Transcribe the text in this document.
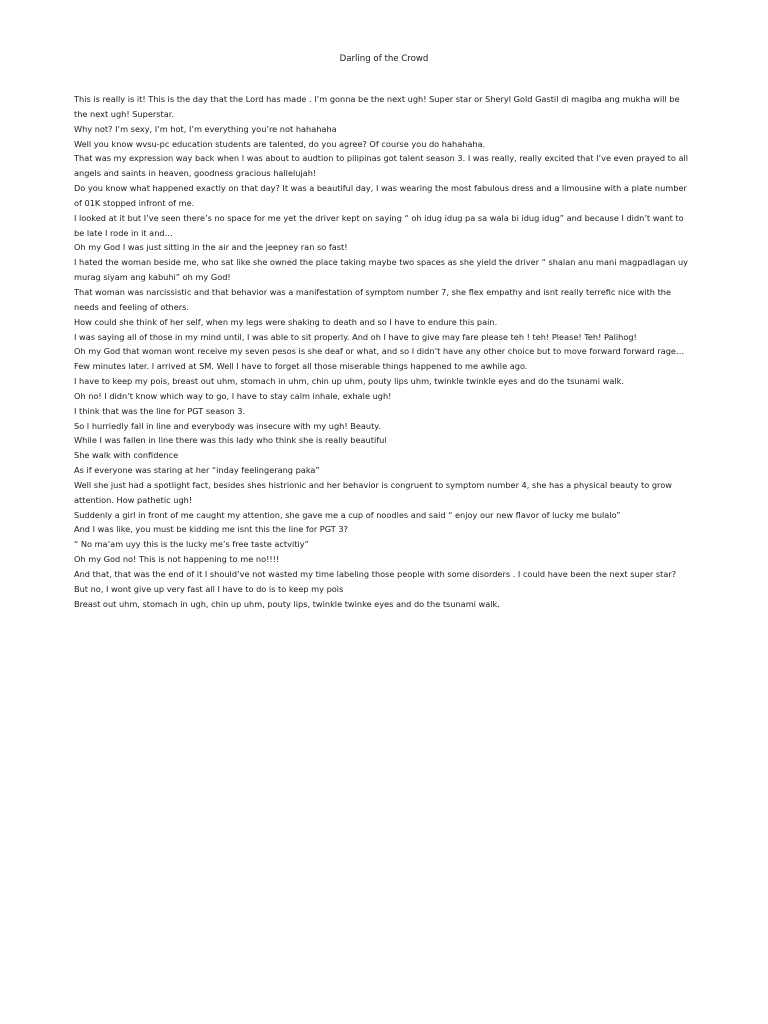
Darling of the Crowd

This is really is it! This is the day that the Lord has made . I’m gonna be the next ugh! Super star or Sheryl Gold Gastil di magiba ang mukha will be the next ugh! Superstar.

Why not? I’m sexy, I’m hot, I’m everything you’re not hahahaha

Well you know wvsu-pc education students are talented, do you agree? Of course you do hahahaha.

That was my expression way back when I was about to audtion to pilipinas got talent season 3. I was really, really excited that I’ve even prayed to all angels and saints in heaven, goodness gracious hallelujah!

Do you know what happened exactly on that day? It was a beautiful day, I was wearing the most fabulous dress and a limousine with a plate number of 01K stopped infront of me.

I looked at it but I’ve seen there’s no space for me yet the driver kept on saying “ oh idug idug pa sa wala bi idug idug” and because I didn’t want to be late I rode in it and…

Oh my God I was just sitting in the air and the jeepney ran so fast!

I hated the woman beside me, who sat like she owned the place taking maybe two spaces as she yield the driver “ shalan anu mani magpadlagan uy murag siyam ang kabuhi” oh my God!

That woman was narcissistic and that behavior was a manifestation of symptom number 7, she flex empathy and isnt really terrefic nice with the needs and feeling of others.

How could she think of her self, when my legs were shaking to death and so I have to endure this pain.

I was saying all of those in my mind until, I was able to sit properly. And oh I have to give may fare please teh ! teh! Please! Teh! Palihog!

Oh my God that woman wont receive my seven pesos is she deaf or what, and so I didn’t have any other choice but to move forward forward rage…

Few minutes later. I arrived at SM. Well I have to forget all those miserable things happened to me awhile ago.

I have to keep my pois, breast out uhm, stomach in uhm, chin up uhm, pouty lips uhm, twinkle twinkle eyes and do the tsunami walk.

Oh no! I didn’t know which way to go, I have to stay calm inhale, exhale ugh!

I think that was the line for PGT season 3.

So I hurriedly fall in line and everybody was insecure with my ugh! Beauty.

While I was fallen in line there was this lady who think she is really beautiful

She walk with confidence

As if everyone was staring at her “inday feelingerang paka”

Well she just had a spotlight fact, besides shes histrionic and her behavior is congruent to symptom number 4, she has a physical beauty to grow attention. How pathetic ugh!

Suddenly a girl in front of me caught my attention, she gave me a cup of noodles and said “ enjoy our new flavor of lucky me bulalo”

And I was like, you must be kidding me isnt this the line for PGT 3?

“ No ma’am uyy this is the lucky me’s free taste actvitiy”

Oh my God no! This is not happening to me no!!!!

And that, that was the end of it I should’ve not wasted my time labeling those people with some disorders . I could have been the next super star?

But no, I wont give up very fast all I have to do is to keep my pois

Breast out uhm, stomach in ugh, chin up uhm, pouty lips, twinkle twinke eyes and do the tsunami walk.
